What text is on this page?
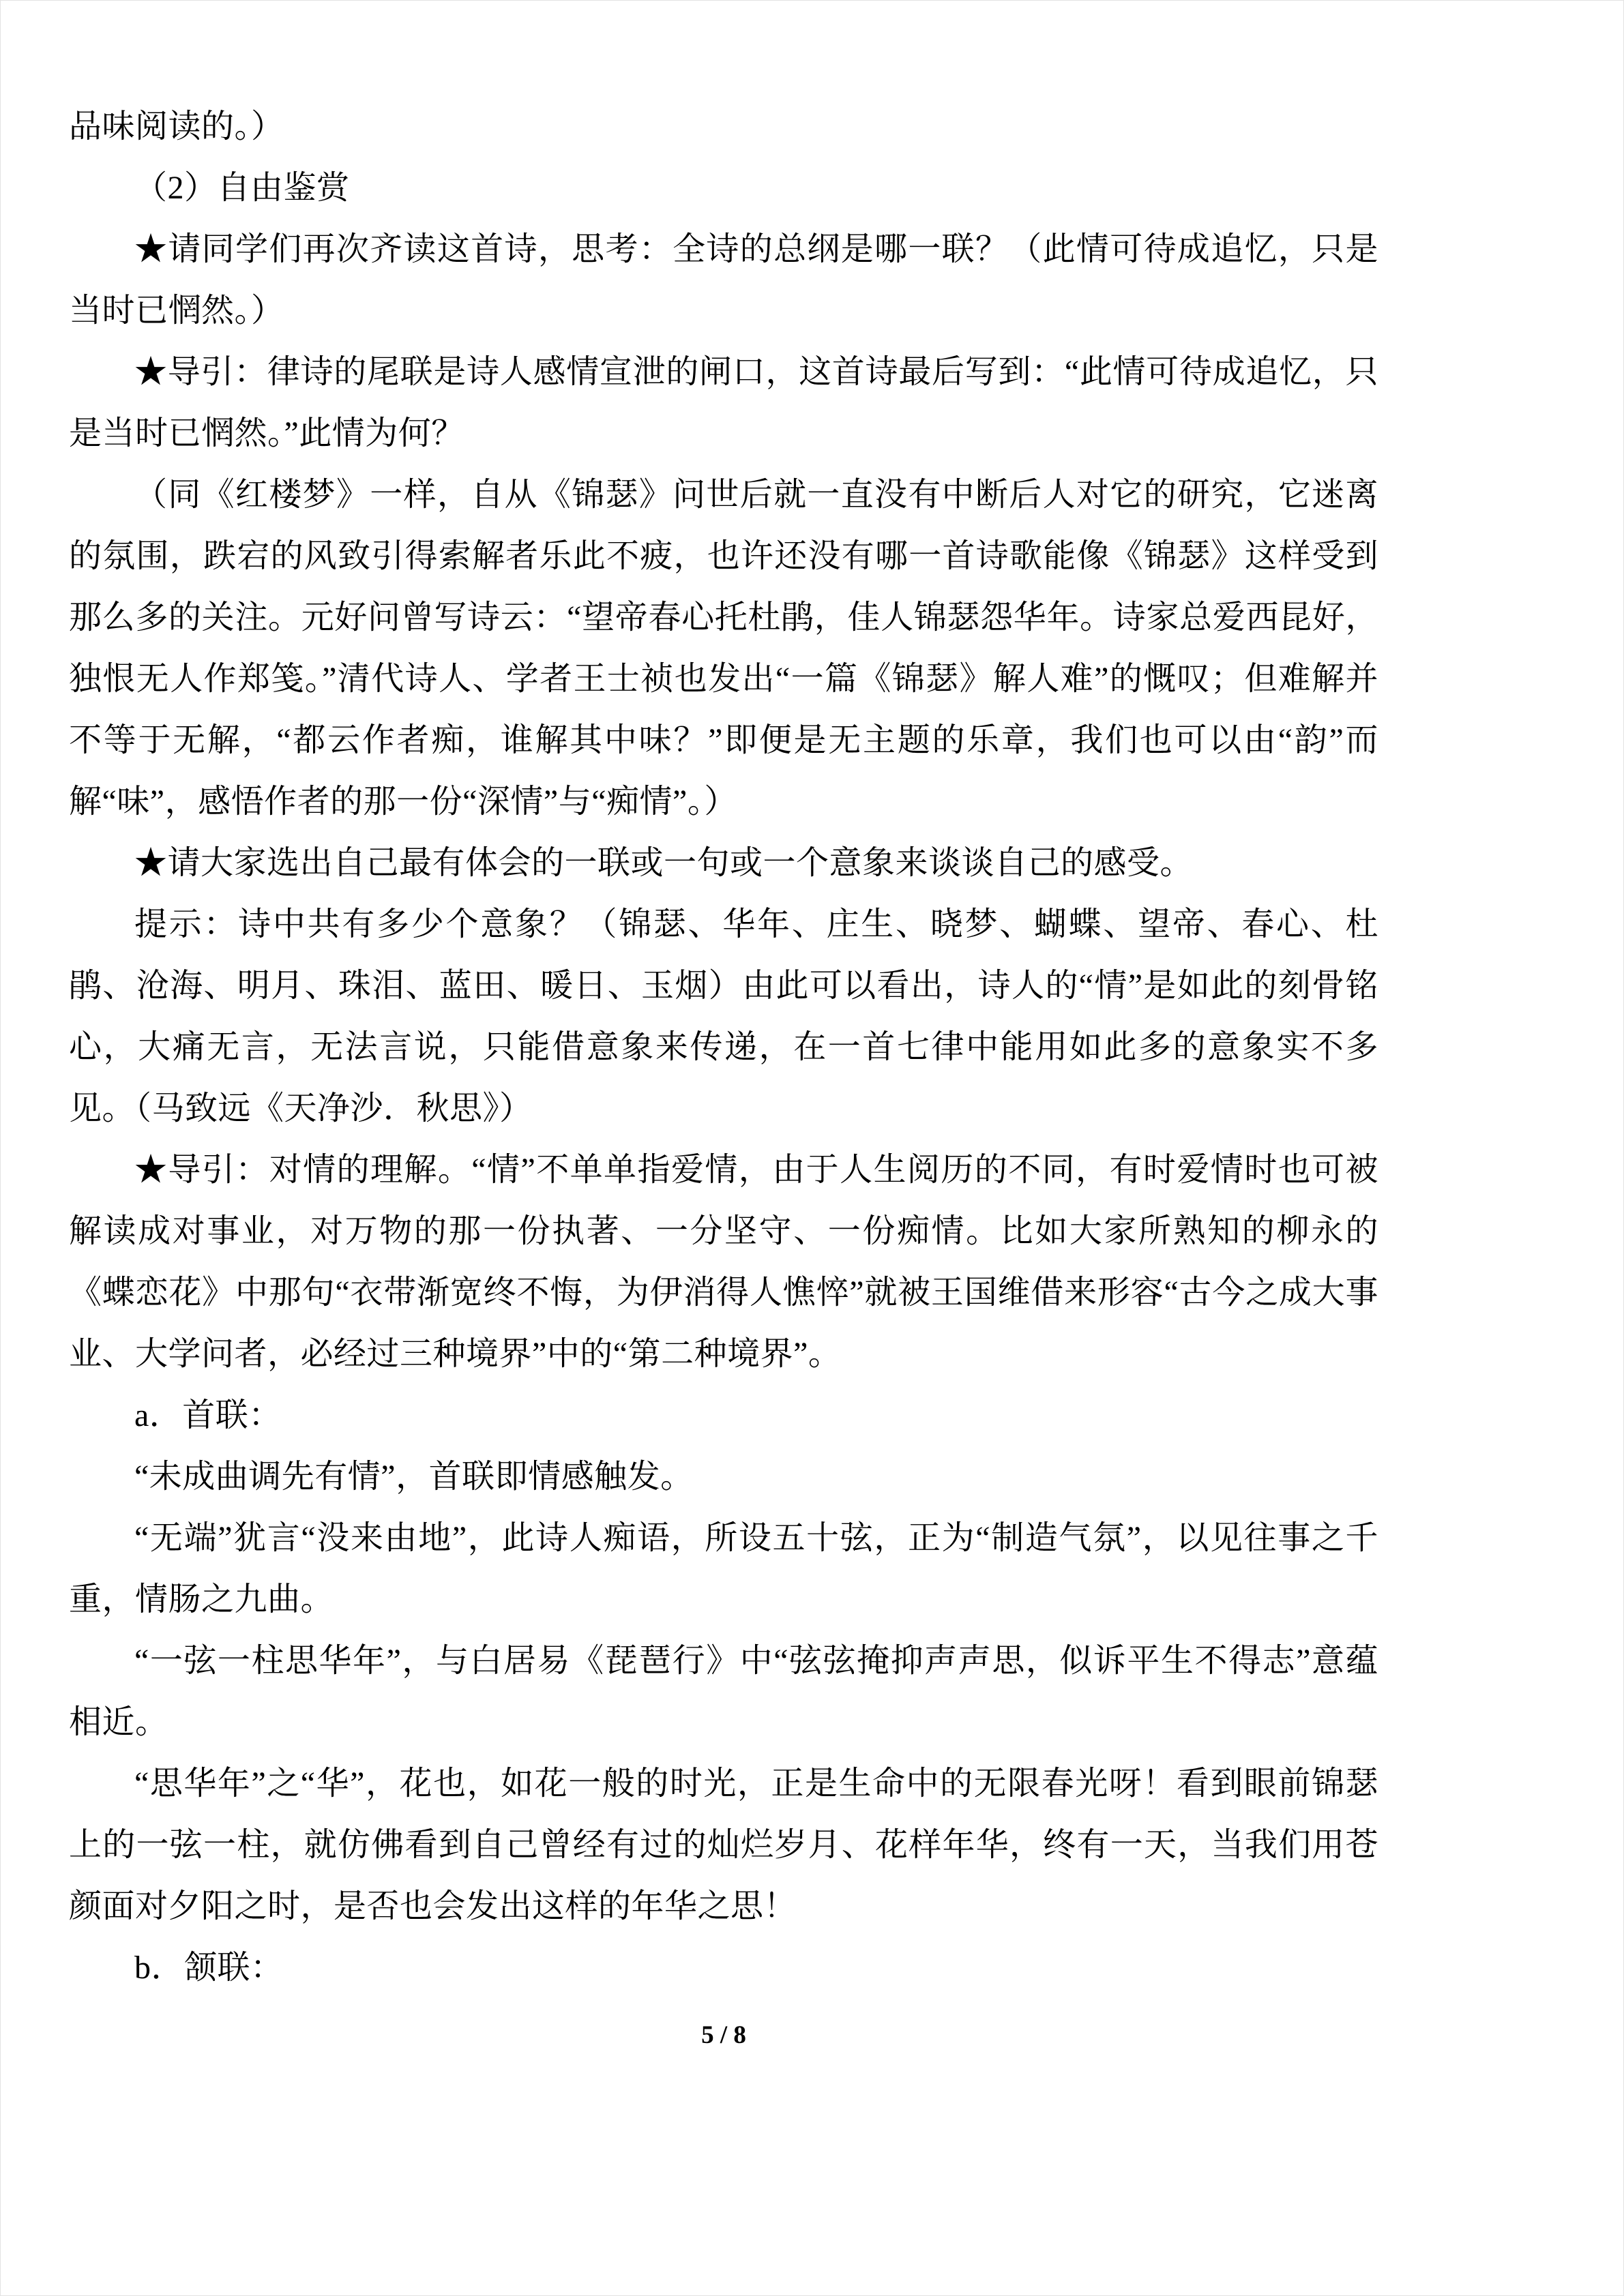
品味阅读的。）

（2）自由鉴赏

★请同学们再次齐读这首诗，思考：全诗的总纲是哪一联？（此情可待成追忆，只是当时已惘然。）

★导引：律诗的尾联是诗人感情宣泄的闸口，这首诗最后写到：“此情可待成追忆，只是当时已惘然。”此情为何？

（同《红楼梦》一样，自从《锦瑟》问世后就一直没有中断后人对它的研究，它迷离的氛围，跌宕的风致引得索解者乐此不疲，也许还没有哪一首诗歌能像《锦瑟》这样受到那么多的关注。元好问曾写诗云：“望帝春心托杜鹃，佳人锦瑟怨华年。诗家总爱西昆好，独恨无人作郑笺。”清代诗人、学者王士祯也发出“一篇《锦瑟》解人难”的慨叹；但难解并不等于无解，“都云作者痴，谁解其中味？”即便是无主题的乐章，我们也可以由“韵”而解“味”，感悟作者的那一份“深情”与“痴情”。）

★请大家选出自己最有体会的一联或一句或一个意象来谈谈自己的感受。

提示：诗中共有多少个意象？（锦瑟、华年、庄生、晓梦、蝴蝶、望帝、春心、杜鹃、沧海、明月、珠泪、蓝田、暖日、玉烟）由此可以看出，诗人的“情”是如此的刻骨铭心，大痛无言，无法言说，只能借意象来传递，在一首七律中能用如此多的意象实不多见。（马致远《天净沙．秋思》）

★导引：对情的理解。“情”不单单指爱情，由于人生阅历的不同，有时爱情时也可被解读成对事业，对万物的那一份执著、一分坚守、一份痴情。比如大家所熟知的柳永的《蝶恋花》中那句“衣带渐宽终不悔，为伊消得人憔悴”就被王国维借来形容“古今之成大事业、大学问者，必经过三种境界”中的“第二种境界”。

a．首联：

“未成曲调先有情”，首联即情感触发。

“无端”犹言“没来由地”，此诗人痴语，所设五十弦，正为“制造气氛”，以见往事之千重，情肠之九曲。

“一弦一柱思华年”，与白居易《琵琶行》中“弦弦掩抑声声思，似诉平生不得志”意蕴相近。

“思华年”之“华”，花也，如花一般的时光，正是生命中的无限春光呀！看到眼前锦瑟上的一弦一柱，就仿佛看到自己曾经有过的灿烂岁月、花样年华，终有一天，当我们用苍颜面对夕阳之时，是否也会发出这样的年华之思！

b．颔联：

5 / 8
